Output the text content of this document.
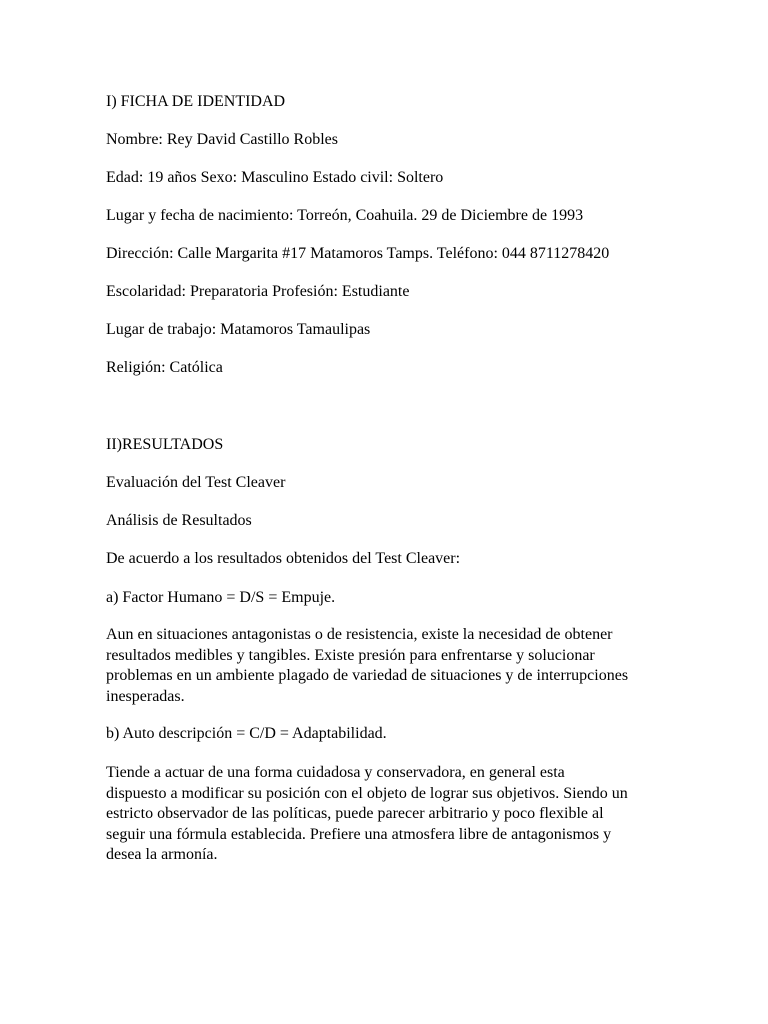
I) FICHA DE IDENTIDAD
Nombre: Rey David Castillo Robles
Edad: 19 años Sexo: Masculino Estado civil: Soltero
Lugar y fecha de nacimiento: Torreón, Coahuila. 29 de Diciembre de 1993
Dirección: Calle Margarita #17 Matamoros Tamps. Teléfono: 044 8711278420
Escolaridad: Preparatoria Profesión: Estudiante
Lugar de trabajo: Matamoros Tamaulipas
Religión: Católica
II)RESULTADOS
Evaluación del Test Cleaver
Análisis de Resultados
De acuerdo a los resultados obtenidos del Test Cleaver:
a) Factor Humano = D/S = Empuje.
Aun en situaciones antagonistas o de resistencia, existe la necesidad de obtener
resultados medibles y tangibles. Existe presión para enfrentarse y solucionar
problemas en un ambiente plagado de variedad de situaciones y de interrupciones
inesperadas.
b) Auto descripción = C/D = Adaptabilidad.
Tiende a actuar de una forma cuidadosa y conservadora, en general esta
dispuesto a modificar su posición con el objeto de lograr sus objetivos. Siendo un
estricto observador de las políticas, puede parecer arbitrario y poco flexible al
seguir una fórmula establecida. Prefiere una atmosfera libre de antagonismos y
desea la armonía.
